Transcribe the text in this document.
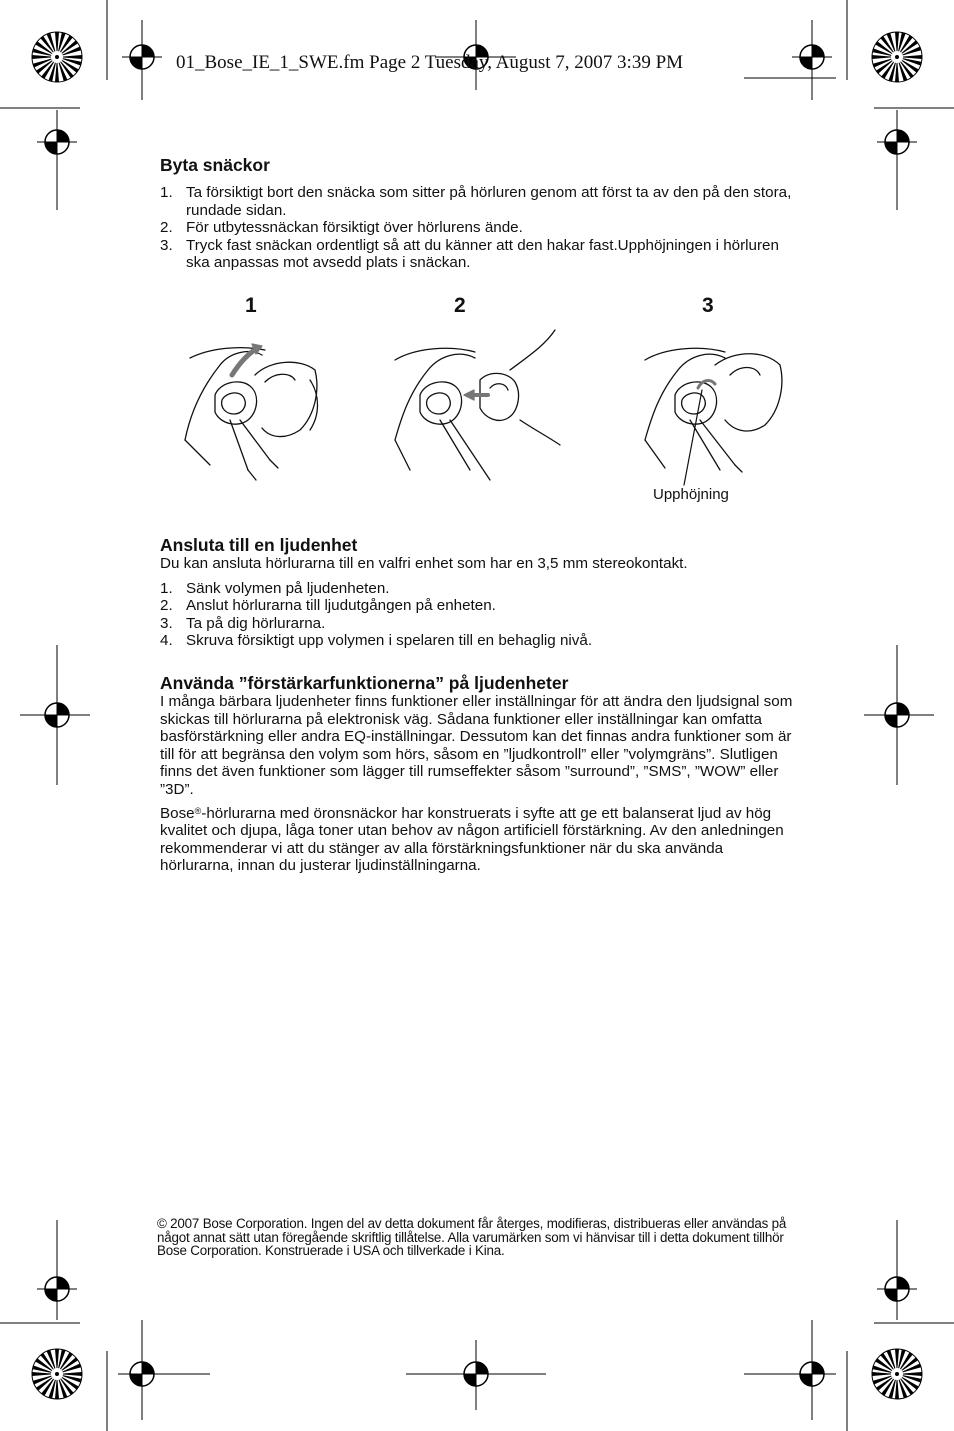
01_Bose_IE_1_SWE.fm Page 2 Tuesday, August 7, 2007 3:39 PM
Byta snäckor
1. Ta försiktigt bort den snäcka som sitter på hörluren genom att först ta av den på den stora, rundade sidan.
2. För utbytessnäckan försiktigt över hörlurens ände.
3. Tryck fast snäckan ordentligt så att du känner att den hakar fast.Upphöjningen i hörluren ska anpassas mot avsedd plats i snäckan.
1	2	3
Upphöjning
Ansluta till en ljudenhet

Du kan ansluta hörlurarna till en valfri enhet som har en 3,5 mm stereokontakt.

1. Sänk volymen på ljudenheten.
2. Anslut hörlurarna till ljudutgången på enheten.
3. Ta på dig hörlurarna.
4. Skruva försiktigt upp volymen i spelaren till en behaglig nivå.
Använda ”förstärkarfunktionerna” på ljudenheter

I många bärbara ljudenheter finns funktioner eller inställningar för att ändra den ljudsignal som skickas till hörlurarna på elektronisk väg. Sådana funktioner eller inställningar kan omfatta basförstärkning eller andra EQ-inställningar. Dessutom kan det finnas andra funktioner som är till för att begränsa den volym som hörs, såsom en ”ljudkontroll” eller ”volymgräns”. Slutligen finns det även funktioner som lägger till rumseffekter såsom ”surround”, ”SMS”, ”WOW” eller ”3D”.

Bose®-hörlurarna med öronsnäckor har konstruerats i syfte att ge ett balanserat ljud av hög kvalitet och djupa, låga toner utan behov av någon artificiell förstärkning. Av den anledningen rekommenderar vi att du stänger av alla förstärkningsfunktioner när du ska använda hörlurarna, innan du justerar ljudinställningarna.

© 2007 Bose Corporation. Ingen del av detta dokument får återges, modifieras, distribueras eller användas på något annat sätt utan föregående skriftlig tillåtelse. Alla varumärken som vi hänvisar till i detta dokument tillhör Bose Corporation. Konstruerade i USA och tillverkade i Kina.
